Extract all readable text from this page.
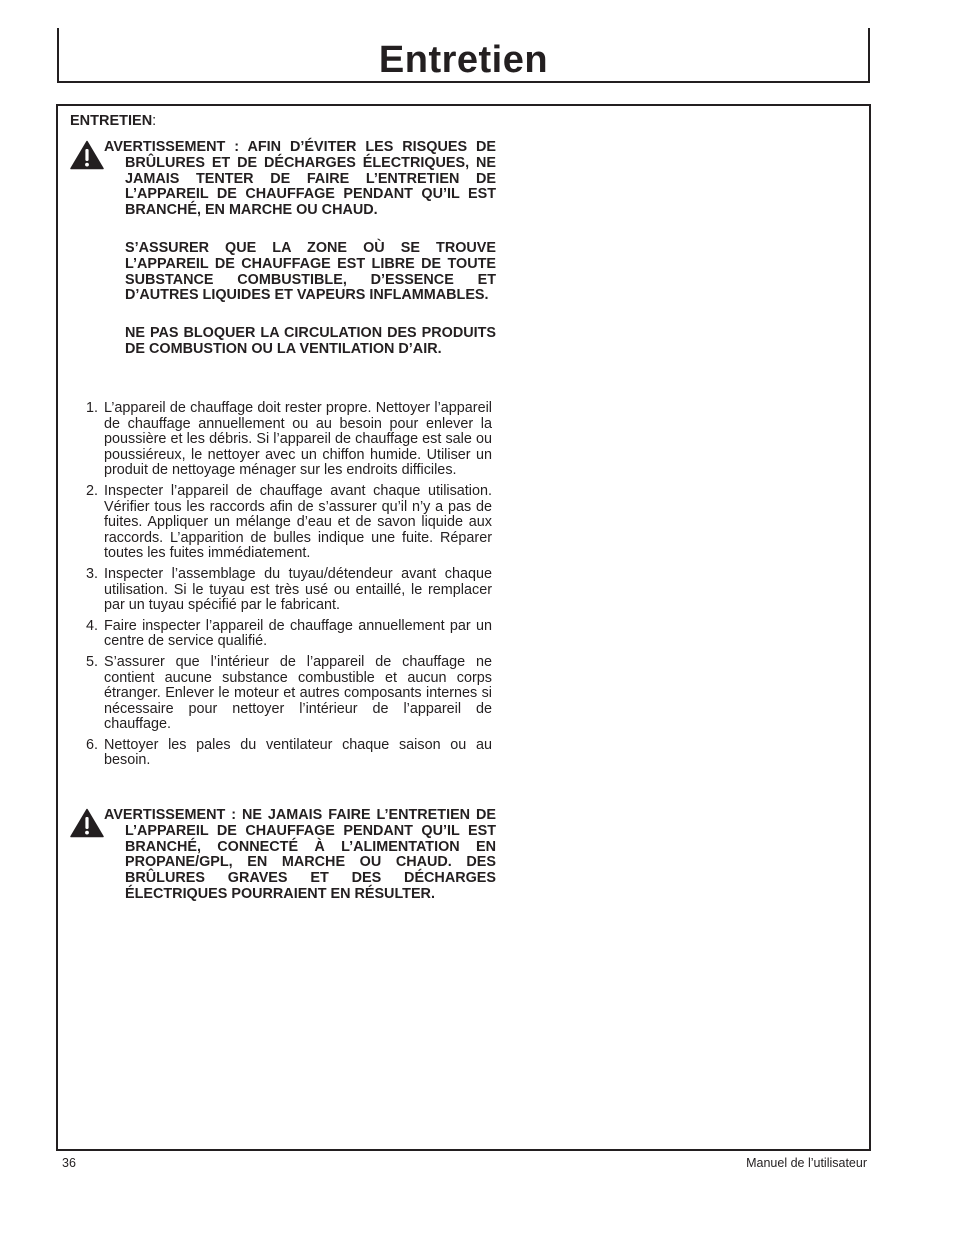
Entretien
ENTRETIEN:

AVERTISSEMENT : AFIN D’ÉVITER LES RISQUES DE BRÛLURES ET DE DÉCHARGES ÉLECTRIQUES, NE JAMAIS TENTER DE FAIRE L’ENTRETIEN DE L’APPAREIL DE CHAUFFAGE PENDANT QU’IL EST BRANCHÉ, EN MARCHE OU CHAUD.

S’ASSURER QUE LA ZONE OÙ SE TROUVE L’APPAREIL DE CHAUFFAGE EST LIBRE DE TOUTE SUBSTANCE COMBUSTIBLE, D’ESSENCE ET D’AUTRES LIQUIDES ET VAPEURS INFLAMMABLES.

NE PAS BLOQUER LA CIRCULATION DES PRODUITS DE COMBUSTION OU LA VENTILATION D’AIR.

1. L’appareil de chauffage doit rester propre. Nettoyer l’appareil de chauffage annuellement ou au besoin pour enlever la poussière et les débris. Si l’appareil de chauffage est sale ou poussiéreux, le nettoyer avec un chiffon humide. Utiliser un produit de nettoyage ménager sur les endroits difficiles.
2. Inspecter l’appareil de chauffage avant chaque utilisation. Vérifier tous les raccords afin de s’assurer qu’il n’y a pas de fuites. Appliquer un mélange d’eau et de savon liquide aux raccords. L’apparition de bulles indique une fuite. Réparer toutes les fuites immédiatement.
3. Inspecter l’assemblage du tuyau/détendeur avant chaque utilisation. Si le tuyau est très usé ou entaillé, le remplacer par un tuyau spécifié par le fabricant.
4. Faire inspecter l’appareil de chauffage annuellement par un centre de service qualifié.
5. S’assurer que l’intérieur de l’appareil de chauffage ne contient aucune substance combustible et aucun corps étranger. Enlever le moteur et autres composants internes si nécessaire pour nettoyer l’intérieur de l’appareil de chauffage.
6. Nettoyer les pales du ventilateur chaque saison ou au besoin.

AVERTISSEMENT : NE JAMAIS FAIRE L’ENTRETIEN DE L’APPAREIL DE CHAUFFAGE PENDANT QU’IL EST BRANCHÉ, CONNECTÉ À L’ALIMENTATION EN PROPANE/GPL, EN MARCHE OU CHAUD. DES BRÛLURES GRAVES ET DES DÉCHARGES ÉLECTRIQUES POURRAIENT EN RÉSULTER.

36	Manuel de l’utilisateur
